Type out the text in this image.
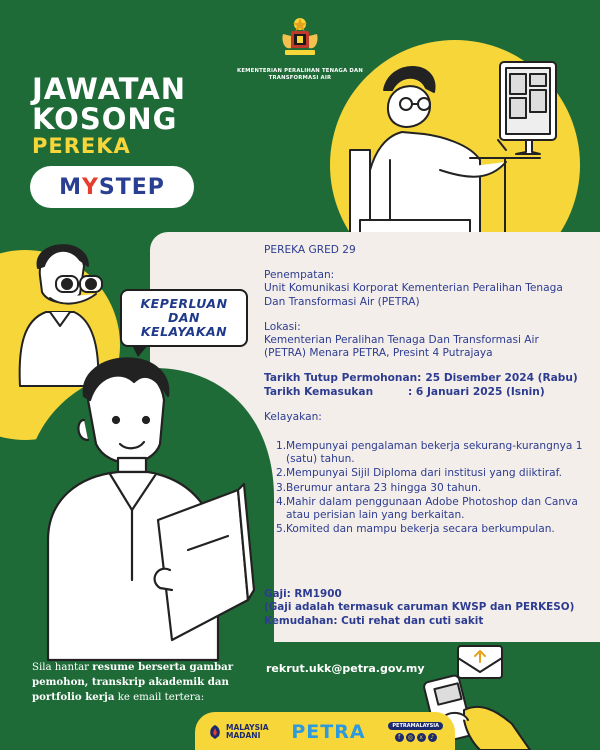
KEMENTERIAN PERALIHAN TENAGA DAN TRANSFORMASI AIR
JAWATAN
KOSONG
PEREKA
M Y STEP
KEPERLUAN
DAN
KELAYAKAN
PEREKA GRED 29
Penempatan:
Unit Komunikasi Korporat Kementerian Peralihan Tenaga Dan Transformasi Air (PETRA)
Lokasi:
Kementerian Peralihan Tenaga Dan Transformasi Air (PETRA) Menara PETRA, Presint 4 Putrajaya
Tarikh Tutup Permohonan: 25 Disember 2024 (Rabu)
Tarikh Kemasukan	: 6 Januari 2025 (Isnin)
Kelayakan:
1. Mempunyai pengalaman bekerja sekurang-kurangnya 1 (satu) tahun.
2. Mempunyai Sijil Diploma dari institusi yang diiktiraf.
3. Berumur antara 23 hingga 30 tahun.
4. Mahir dalam penggunaan Adobe Photoshop dan Canva atau perisian lain yang berkaitan.
5. Komited dan mampu bekerja secara berkumpulan.
Gaji: RM1900
(Gaji adalah termasuk caruman KWSP dan PERKESO)
Kemudahan: Cuti rehat dan cuti sakit
Sila hantar resume berserta gambar pemohon, transkrip akademik dan portfolio kerja ke email tertera:
rekrut.ukk@petra.gov.my
MALAYSIA
MADANI	PETRA	PETRAMALAYSIA
f	◎	x	♪
